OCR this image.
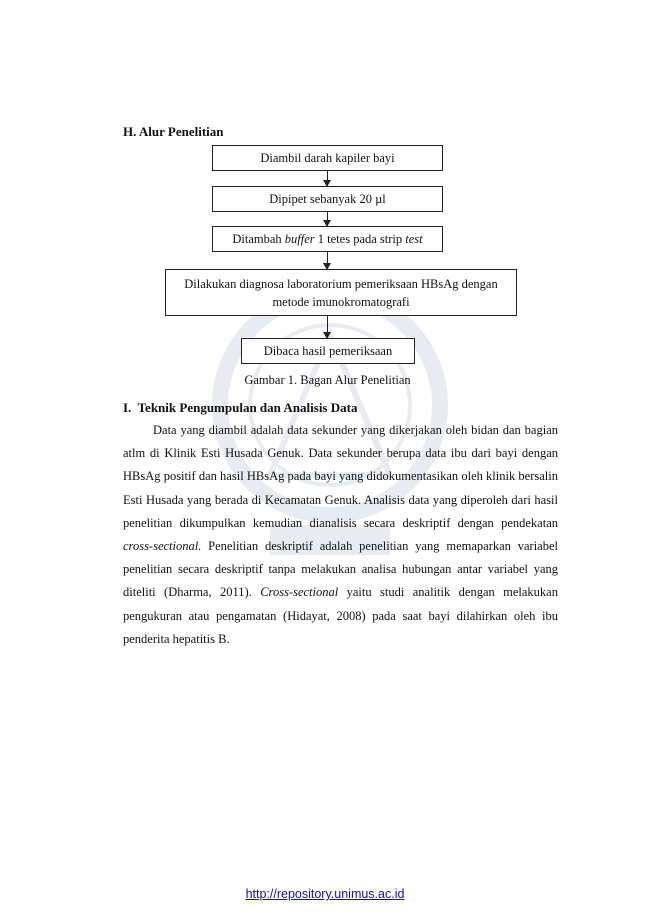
H. Alur Penelitian
Diambil darah kapiler bayi
Dipipet sebanyak 20 µl
Ditambah buffer 1 tetes pada strip test
Dilakukan diagnosa laboratorium pemeriksaan HBsAg dengan
metode imunokromatografi
Dibaca hasil pemeriksaan
Gambar 1. Bagan Alur Penelitian
I.  Teknik Pengumpulan dan Analisis Data

Data yang diambil adalah data sekunder yang dikerjakan oleh bidan dan bagian atlm di Klinik Esti Husada Genuk. Data sekunder berupa data ibu dari bayi dengan HBsAg positif dan hasil HBsAg pada bayi yang didokumentasikan oleh klinik bersalin Esti Husada yang berada di Kecamatan Genuk. Analisis data yang diperoleh dari hasil penelitian dikumpulkan kemudian dianalisis secara deskriptif dengan pendekatan cross-sectional. Penelitian deskriptif adalah penelitian yang memaparkan variabel penelitian secara deskriptif tanpa melakukan analisa hubungan antar variabel yang diteliti (Dharma, 2011). Cross-sectional yaitu studi analitik dengan melakukan pengukuran atau pengamatan (Hidayat, 2008) pada saat bayi dilahirkan oleh ibu penderita hepatitis B.

http://repository.unimus.ac.id
